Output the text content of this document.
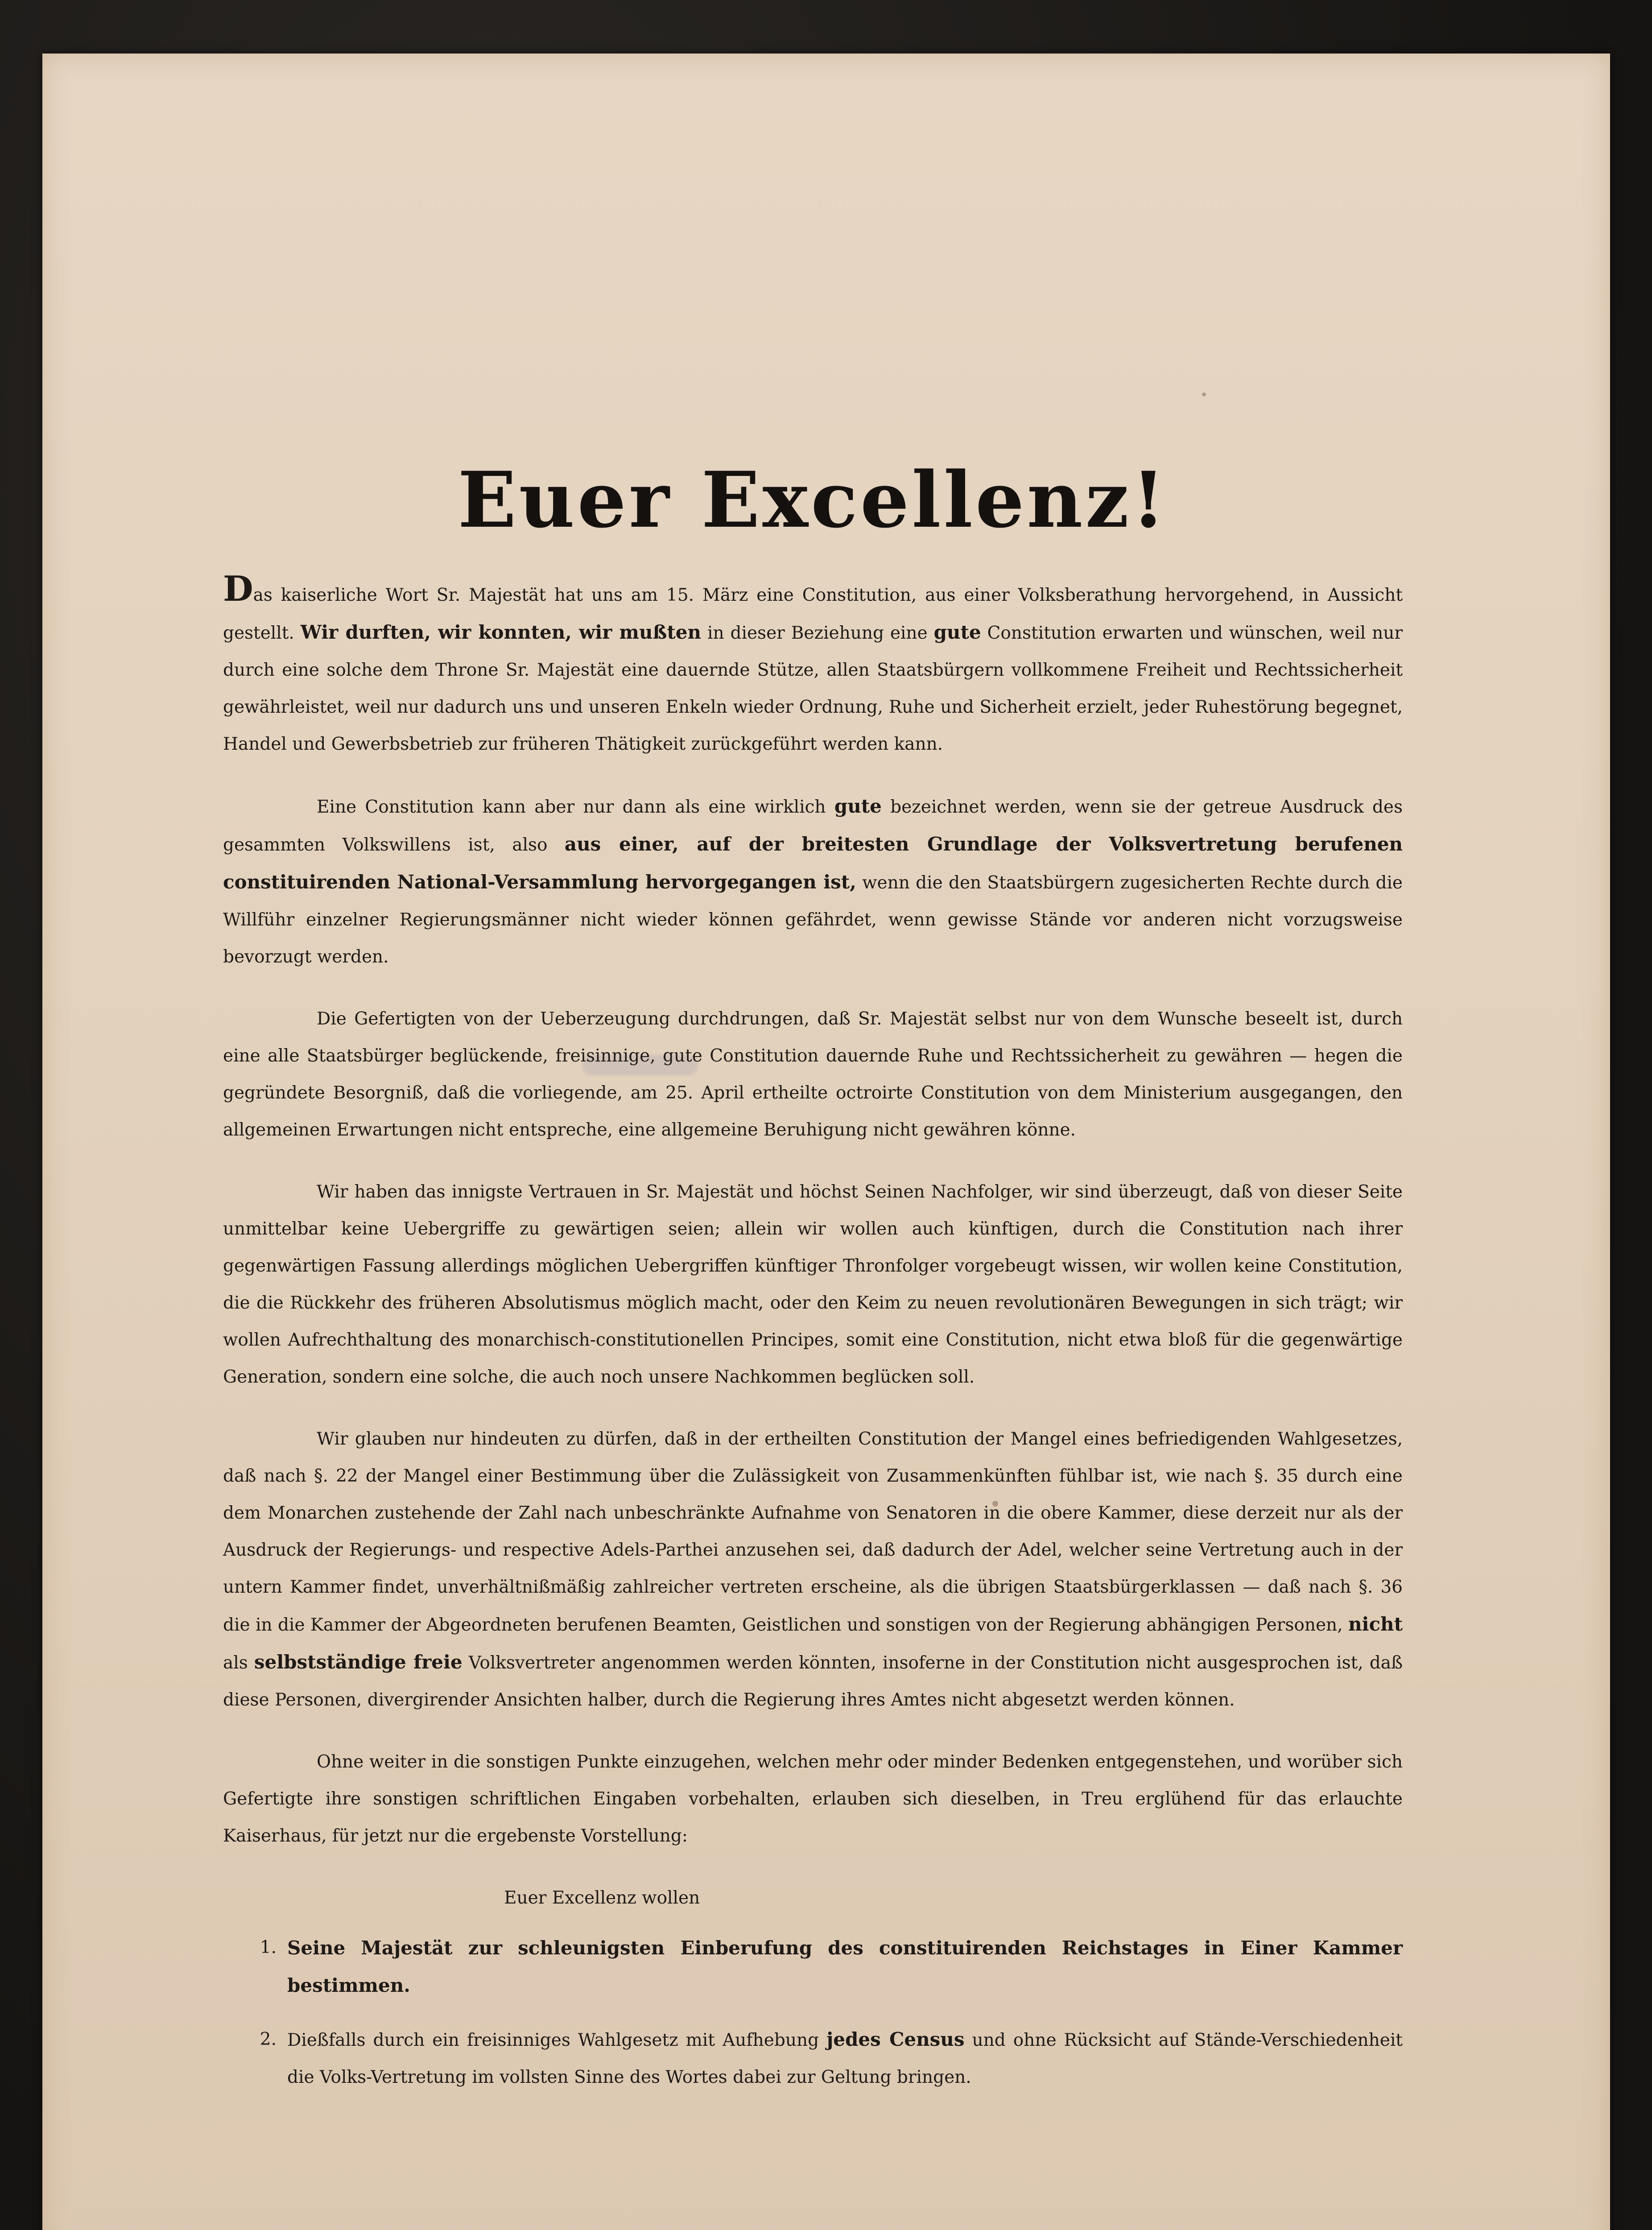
Euer Excellenz!

Das kaiserliche Wort Sr. Majestät hat uns am 15. März eine Constitution, aus einer Volksberathung hervorgehend, in Aussicht gestellt. Wir durften, wir konnten, wir mußten in dieser Beziehung eine gute Constitution erwarten und wünschen, weil nur durch eine solche dem Throne Sr. Majestät eine dauernde Stütze, allen Staatsbürgern vollkommene Freiheit und Rechtssicherheit gewährleistet, weil nur dadurch uns und unseren Enkeln wieder Ordnung, Ruhe und Sicherheit erzielt, jeder Ruhestörung begegnet, Handel und Gewerbsbetrieb zur früheren Thätigkeit zurückgeführt werden kann.

Eine Constitution kann aber nur dann als eine wirklich gute bezeichnet werden, wenn sie der getreue Ausdruck des gesammten Volkswillens ist, also aus einer, auf der breitesten Grundlage der Volksvertretung berufenen constituirenden National-Versammlung hervorgegangen ist, wenn die den Staatsbürgern zugesicherten Rechte durch die Willführ einzelner Regierungsmänner nicht wieder können gefährdet, wenn gewisse Stände vor anderen nicht vorzugsweise bevorzugt werden.

Die Gefertigten von der Ueberzeugung durchdrungen, daß Sr. Majestät selbst nur von dem Wunsche beseelt ist, durch eine alle Staatsbürger beglückende, freisinnige, gute Constitution dauernde Ruhe und Rechtssicherheit zu gewähren — hegen die gegründete Besorgniß, daß die vorliegende, am 25. April ertheilte octroirte Constitution von dem Ministerium ausgegangen, den allgemeinen Erwartungen nicht entspreche, eine allgemeine Beruhigung nicht gewähren könne.

Wir haben das innigste Vertrauen in Sr. Majestät und höchst Seinen Nachfolger, wir sind überzeugt, daß von dieser Seite unmittelbar keine Uebergriffe zu gewärtigen seien; allein wir wollen auch künftigen, durch die Constitution nach ihrer gegenwärtigen Fassung allerdings möglichen Uebergriffen künftiger Thronfolger vorgebeugt wissen, wir wollen keine Constitution, die die Rückkehr des früheren Absolutismus möglich macht, oder den Keim zu neuen revolutionären Bewegungen in sich trägt; wir wollen Aufrechthaltung des monarchisch-constitutionellen Principes, somit eine Constitution, nicht etwa bloß für die gegenwärtige Generation, sondern eine solche, die auch noch unsere Nachkommen beglücken soll.

Wir glauben nur hindeuten zu dürfen, daß in der ertheilten Constitution der Mangel eines befriedigenden Wahlgesetzes, daß nach §. 22 der Mangel einer Bestimmung über die Zulässigkeit von Zusammenkünften fühlbar ist, wie nach §. 35 durch eine dem Monarchen zustehende der Zahl nach unbeschränkte Aufnahme von Senatoren in die obere Kammer, diese derzeit nur als der Ausdruck der Regierungs- und respective Adels-Parthei anzusehen sei, daß dadurch der Adel, welcher seine Vertretung auch in der untern Kammer findet, unverhältnißmäßig zahlreicher vertreten erscheine, als die übrigen Staatsbürgerklassen — daß nach §. 36 die in die Kammer der Abgeordneten berufenen Beamten, Geistlichen und sonstigen von der Regierung abhängigen Personen, nicht als selbstständige freie Volksvertreter angenommen werden könnten, insoferne in der Constitution nicht ausgesprochen ist, daß diese Personen, divergirender Ansichten halber, durch die Regierung ihres Amtes nicht abgesetzt werden können.

Ohne weiter in die sonstigen Punkte einzugehen, welchen mehr oder minder Bedenken entgegenstehen, und worüber sich Gefertigte ihre sonstigen schriftlichen Eingaben vorbehalten, erlauben sich dieselben, in Treu erglühend für das erlauchte Kaiserhaus, für jetzt nur die ergebenste Vorstellung:

Euer Excellenz wollen
1. Seine Majestät zur schleunigsten Einberufung des constituirenden Reichstages in Einer Kammer bestimmen.
2. Dießfalls durch ein freisinniges Wahlgesetz mit Aufhebung jedes Census und ohne Rücksicht auf Stände-Verschiedenheit die Volks-Vertretung im vollsten Sinne des Wortes dabei zur Geltung bringen.
